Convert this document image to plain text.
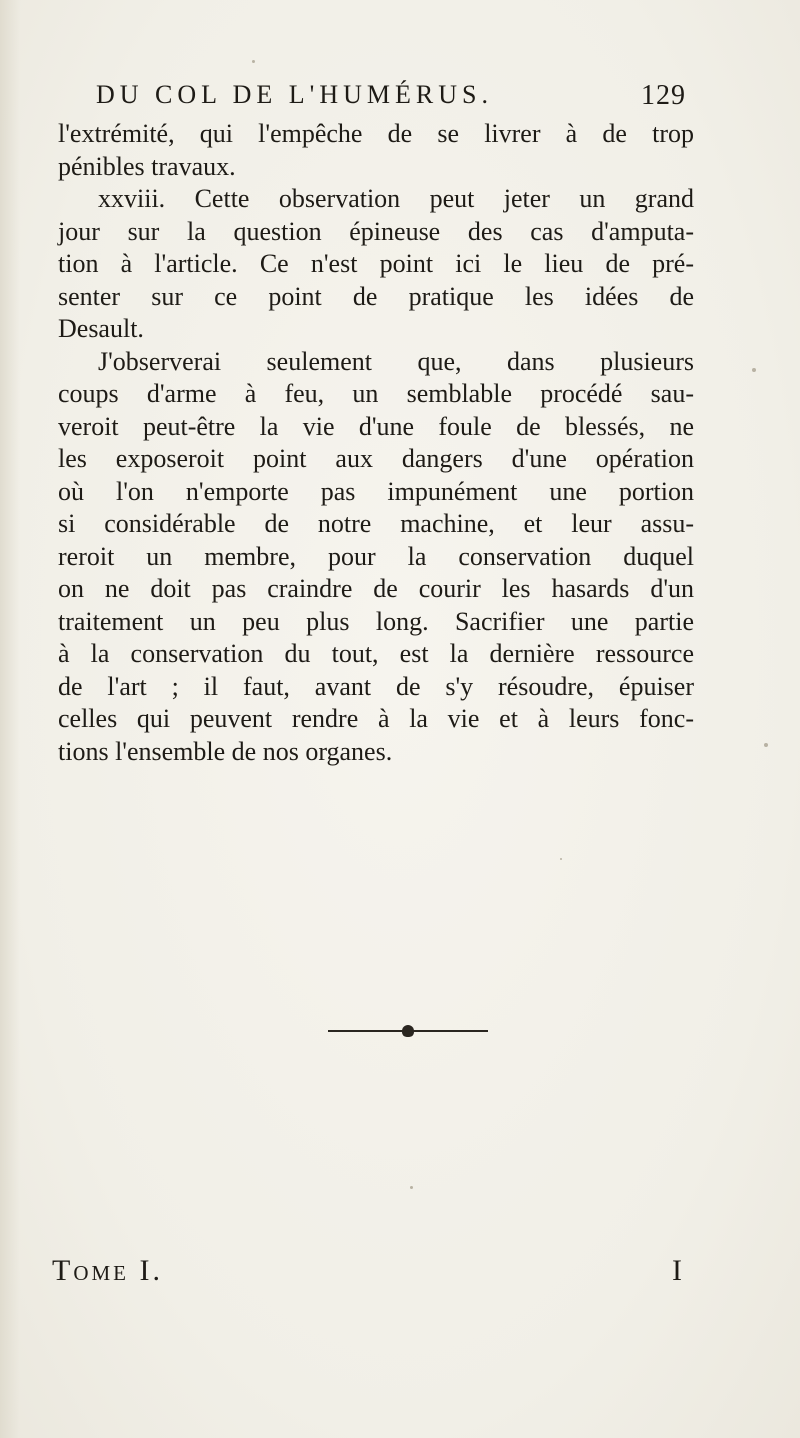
DU COL DE L'HUMÉRUS.	129
l'extrémité, qui l'empêche de se livrer à de trop
pénibles travaux.
xxviii. Cette observation peut jeter un grand
jour sur la question épineuse des cas d'amputa-
tion à l'article. Ce n'est point ici le lieu de pré-
senter sur ce point de pratique les idées de
Desault.
J'observerai seulement que, dans plusieurs
coups d'arme à feu, un semblable procédé sau-
veroit peut-être la vie d'une foule de blessés, ne
les exposeroit point aux dangers d'une opération
où l'on n'emporte pas impunément une portion
si considérable de notre machine, et leur assu-
reroit un membre, pour la conservation duquel
on ne doit pas craindre de courir les hasards d'un
traitement un peu plus long. Sacrifier une partie
à la conservation du tout, est la dernière ressource
de l'art ; il faut, avant de s'y résoudre, épuiser
celles qui peuvent rendre à la vie et à leurs fonc-
tions l'ensemble de nos organes.
Tome I.	I
